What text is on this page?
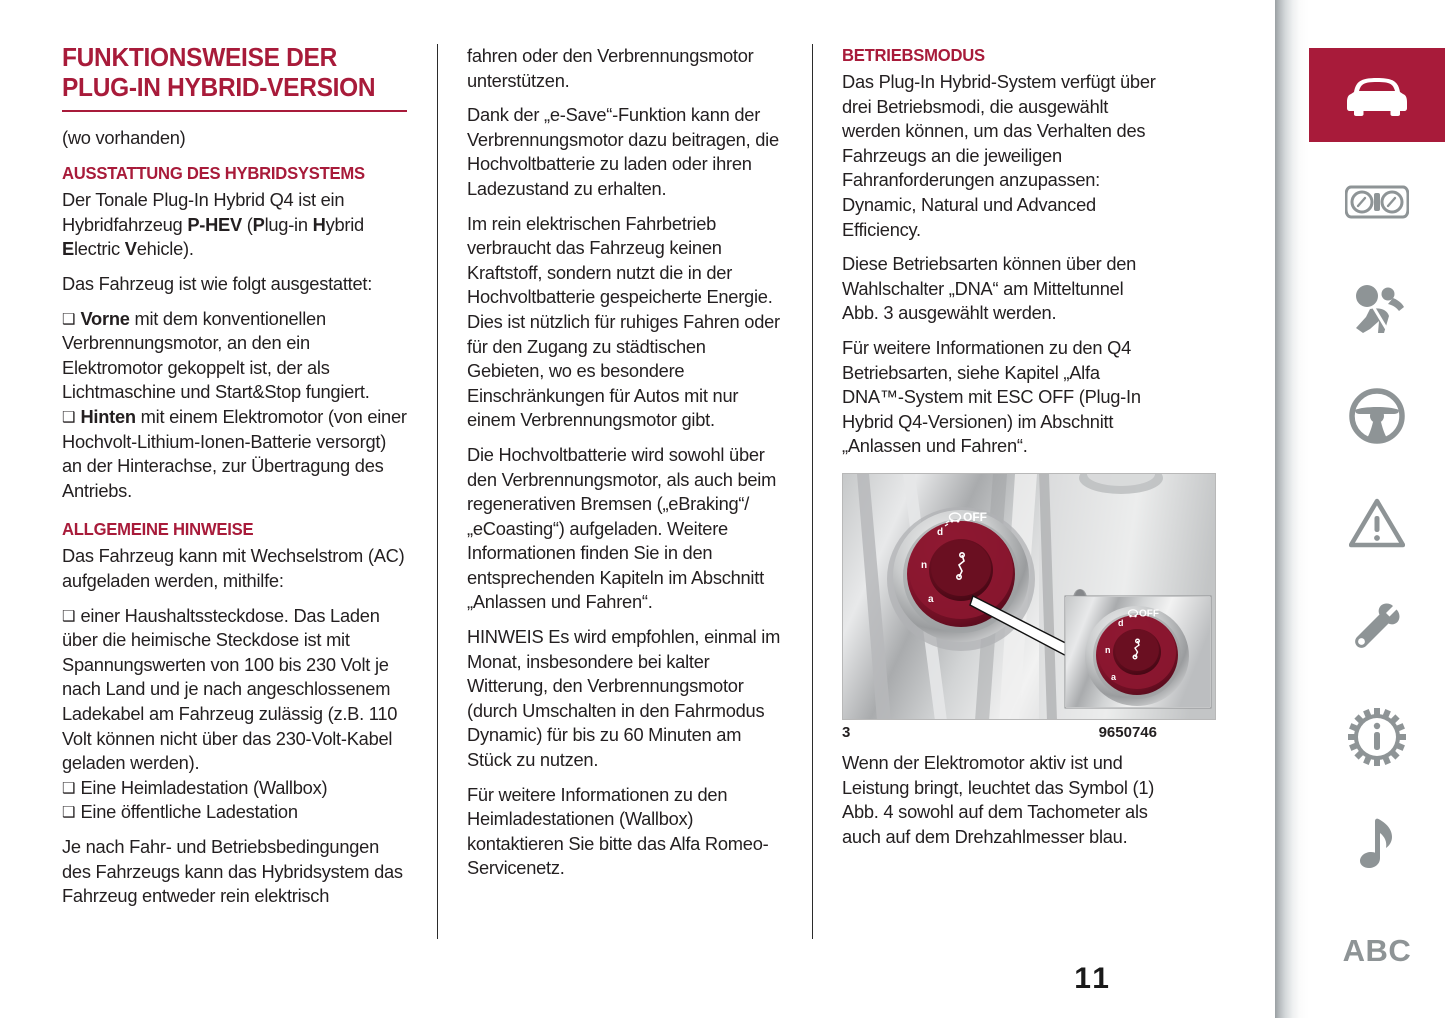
FUNKTIONSWEISE DER PLUG-IN HYBRID-VERSION

(wo vorhanden)

AUSSTATTUNG DES HYBRIDSYSTEMS

Der Tonale Plug-In Hybrid Q4 ist ein Hybridfahrzeug P-HEV (Plug-in Hybrid Electric Vehicle).

Das Fahrzeug ist wie folgt ausgestattet:

❑ Vorne mit dem konventionellen Verbrennungsmotor, an den ein Elektromotor gekoppelt ist, der als Lichtmaschine und Start&Stop fungiert.

❑ Hinten mit einem Elektromotor (von einer Hochvolt-Lithium-Ionen-Batterie versorgt) an der Hinterachse, zur Übertragung des Antriebs.

ALLGEMEINE HINWEISE

Das Fahrzeug kann mit Wechselstrom (AC) aufgeladen werden, mithilfe:

❑ einer Haushaltssteckdose. Das Laden über die heimische Steckdose ist mit Spannungswerten von 100 bis 230 Volt je nach Land und je nach angeschlossenem Ladekabel am Fahrzeug zulässig (z.B. 110 Volt können nicht über das 230-Volt-Kabel geladen werden).

❑ Eine Heimladestation (Wallbox)

❑ Eine öffentliche Ladestation

Je nach Fahr- und Betriebsbedingungen des Fahrzeugs kann das Hybridsystem das Fahrzeug entweder rein elektrisch

fahren oder den Verbrennungsmotor unterstützen.

Dank der „e-Save“-Funktion kann der Verbrennungsmotor dazu beitragen, die Hochvoltbatterie zu laden oder ihren Ladezustand zu erhalten.

Im rein elektrischen Fahrbetrieb verbraucht das Fahrzeug keinen Kraftstoff, sondern nutzt die in der Hochvoltbatterie gespeicherte Energie. Dies ist nützlich für ruhiges Fahren oder für den Zugang zu städtischen Gebieten, wo es besondere Einschränkungen für Autos mit nur einem Verbrennungsmotor gibt.

Die Hochvoltbatterie wird sowohl über den Verbrennungsmotor, als auch beim regenerativen Bremsen („eBraking“/„eCoasting“) aufgeladen. Weitere Informationen finden Sie in den entsprechenden Kapiteln im Abschnitt „Anlassen und Fahren“.

HINWEIS Es wird empfohlen, einmal im Monat, insbesondere bei kalter Witterung, den Verbrennungsmotor (durch Umschalten in den Fahrmodus Dynamic) für bis zu 60 Minuten am Stück zu nutzen.

Für weitere Informationen zu den Heimladestationen (Wallbox) kontaktieren Sie bitte das Alfa Romeo-Servicenetz.

BETRIEBSMODUS

Das Plug-In Hybrid-System verfügt über drei Betriebsmodi, die ausgewählt werden können, um das Verhalten des Fahrzeugs an die jeweiligen Fahranforderungen anzupassen: Dynamic, Natural und Advanced Efficiency.

Diese Betriebsarten können über den Wahlschalter „DNA“ am Mitteltunnel Abb. 3 ausgewählt werden.

Für weitere Informationen zu den Q4 Betriebsarten, siehe Kapitel „Alfa DNA™-System mit ESC OFF (Plug-In Hybrid Q4-Versionen) im Abschnitt „Anlassen und Fahren“.

d
n
a
OFF
d
n
a
OFF
3	9650746

Wenn der Elektromotor aktiv ist und Leistung bringt, leuchtet das Symbol (1) Abb. 4 sowohl auf dem Tachometer als auch auf dem Drehzahlmesser blau.

11
ABC
